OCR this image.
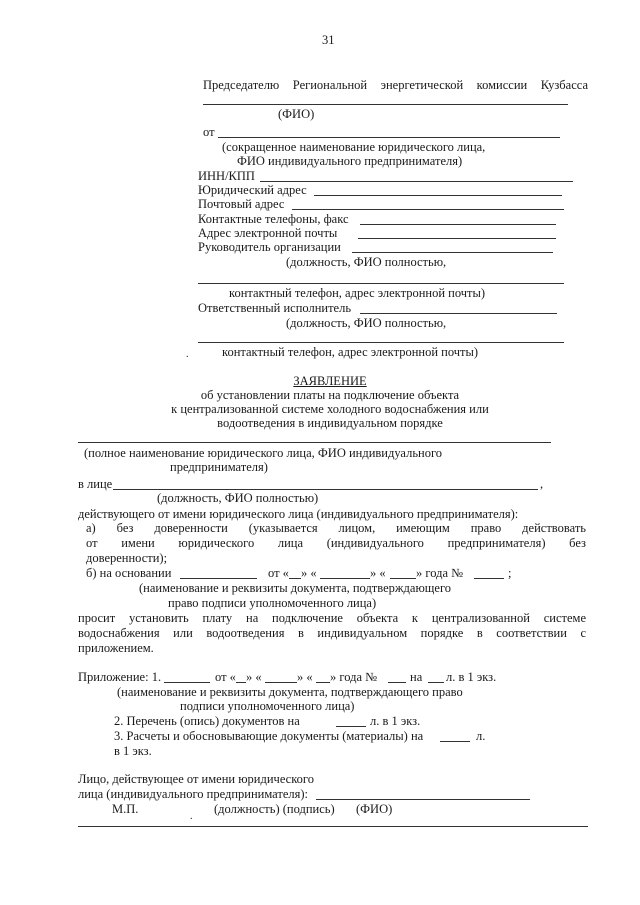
31
Председателю Региональной энергетической комиссии Кузбасса
(ФИО)
от
(сокращенное наименование юридического лица,
ФИО индивидуального предпринимателя)
ИНН/КПП
Юридический адрес
Почтовый адрес
Контактные телефоны, факс
Адрес электронной почты
Руководитель организации
(должность, ФИО полностью,
контактный телефон, адрес электронной почты)
Ответственный исполнитель
(должность, ФИО полностью,
контактный телефон, адрес электронной почты)
.
ЗАЯВЛЕНИЕ
об установлении платы на подключение объекта
к централизованной системе холодного водоснабжения или
водоотведения в индивидуальном порядке
(полное наименование юридического лица, ФИО индивидуального
предпринимателя)
в лице	,
(должность, ФИО полностью)
действующего от имени юридического лица (индивидуального предпринимателя):
а) без доверенности (указывается лицом, имеющим право действовать
от имени юридического лица (индивидуального предпринимателя) без
доверенности);
б) на основании	от « » «	» « » года №	;
(наименование и реквизиты документа, подтверждающего
право подписи уполномоченного лица)
просит установить плату на подключение объекта к централизованной системе
водоснабжения или водоотведения в индивидуальном порядке в соответствии с
приложением.
Приложение: 1.	от « » «	» « » года №	на л. в 1 экз.
(наименование и реквизиты документа, подтверждающего право
подписи уполномоченного лица)
2. Перечень (опись) документов на	л. в 1 экз.
3. Расчеты и обосновывающие документы (материалы) на	л.
в 1 экз.
Лицо, действующее от имени юридического
лица (индивидуального предпринимателя):
М.П.	(должность) (подпись) (ФИО)
.
